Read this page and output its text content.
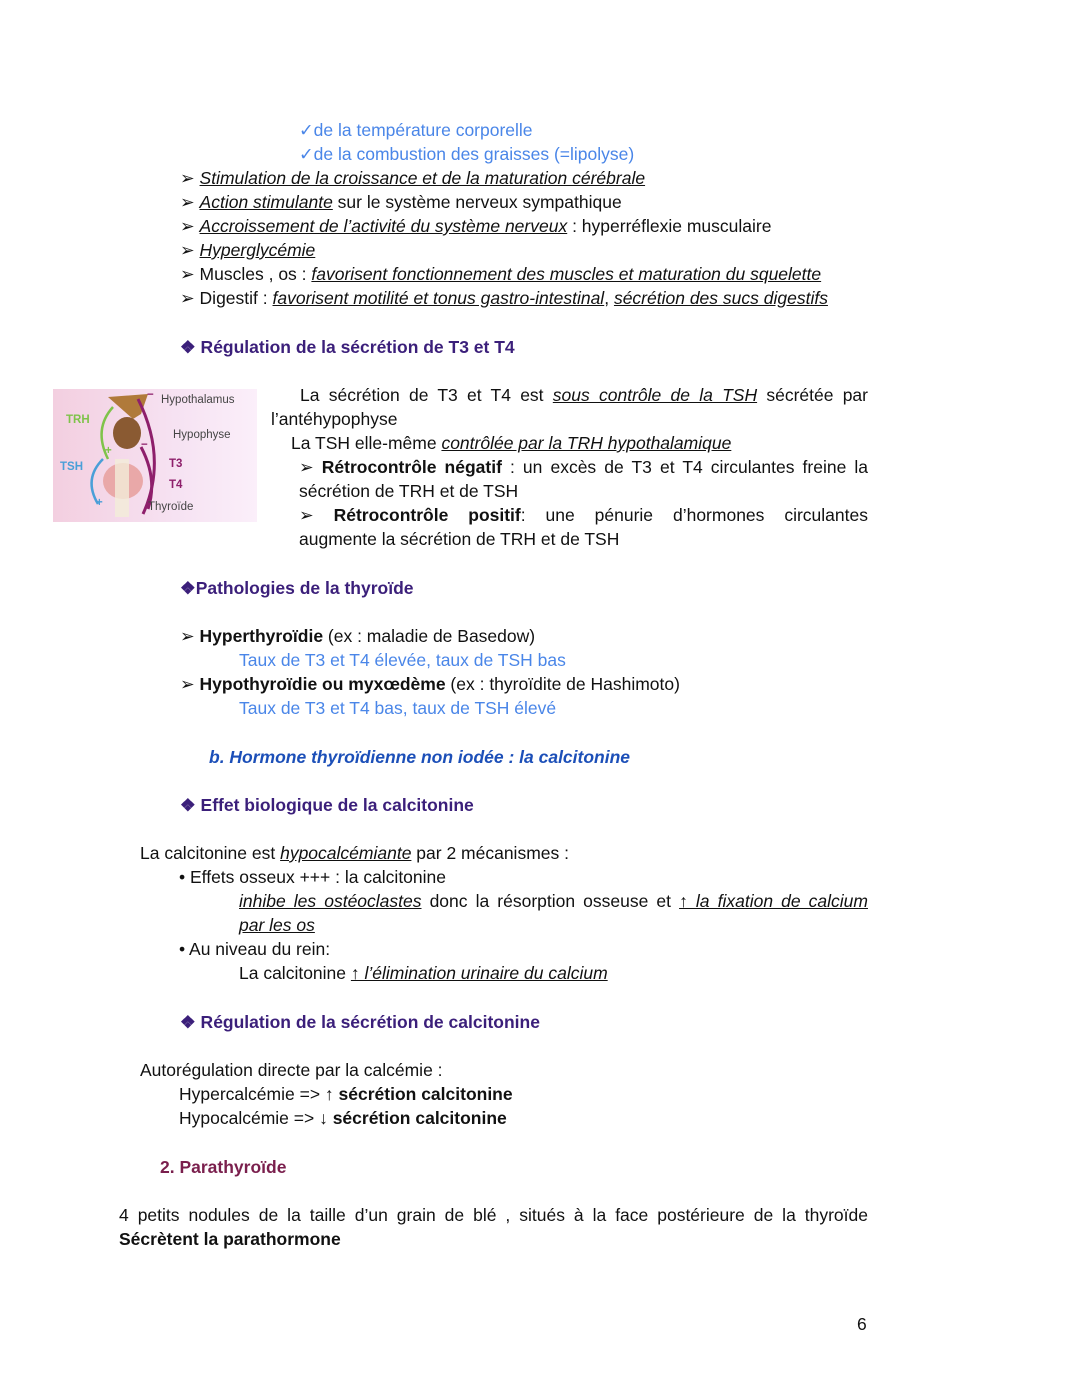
✓de la température corporelle
✓de la combustion des graisses (=lipolyse)
➢ Stimulation de la croissance et de la maturation cérébrale
➢ Action stimulante sur le système nerveux sympathique
➢ Accroissement de l’activité du système nerveux : hyperréflexie musculaire
➢ Hyperglycémie
➢ Muscles , os : favorisent fonctionnement des muscles et maturation du squelette
➢ Digestif : favorisent motilité et tonus gastro-intestinal, sécrétion des sucs digestifs
❖ Régulation de la sécrétion de T3 et T4
TRH
TSH
Hypothalamus
Hypophyse
T3
T4
Thyroïde
−
−
+
+
La sécrétion de T3 et T4 est sous contrôle de la TSH sécrétée par
l’antéhypophyse
La TSH elle-même contrôlée par la TRH hypothalamique
➢ Rétrocontrôle négatif : un excès de T3 et T4 circulantes freine la
sécrétion de TRH et de TSH
➢ Rétrocontrôle positif: une pénurie d’hormones circulantes
augmente la sécrétion de TRH et de TSH
❖Pathologies de la thyroïde
➢ Hyperthyroïdie (ex : maladie de Basedow)
Taux de T3 et T4 élevée, taux de TSH bas
➢ Hypothyroïdie ou myxœdème (ex : thyroïdite de Hashimoto)
Taux de T3 et T4 bas, taux de TSH élevé
b. Hormone thyroïdienne non iodée : la calcitonine
❖ Effet biologique de la calcitonine
La calcitonine est hypocalcémiante par 2 mécanismes :
• Effets osseux +++ : la calcitonine
inhibe les ostéoclastes donc la résorption osseuse et ↑ la fixation de calcium
par les os
• Au niveau du rein:
La calcitonine ↑ l’élimination urinaire du calcium
❖ Régulation de la sécrétion de calcitonine
Autorégulation directe par la calcémie :
Hypercalcémie => ↑ sécrétion calcitonine
Hypocalcémie => ↓ sécrétion calcitonine
2. Parathyroïde
4 petits nodules de la taille d’un grain de blé , situés à la face postérieure de la thyroïde
Sécrètent la parathormone
6
